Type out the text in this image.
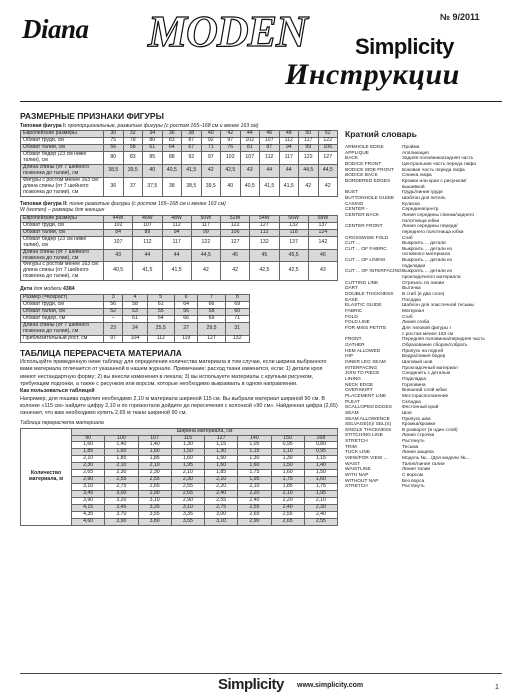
Diana MODEN	№ 9/2011
Simplicity
Инструкции
РАЗМЕРНЫЕ ПРИЗНАКИ ФИГУРЫ
Типовая фигура I: пропорциональные, развитые фигуры (с ростом 165–168 см и менее 163 см)
Европейские размеры	30	32	34	36	38	40	42	44	46	48	50	52
Обхват груди, см	75	78	80	83	87	92	97	102	107	112	117	122
Обхват талии, см	56	58	61	64	67	71	76	81	87	94	99	106
Обхват бедер (23 см ниже талии), см	80	83	85	88	92	97	102	107	112	117	122	127
Длина спины (от 7 шейного позвонка до талии), см	38,5	39,5	40	40,5	41,5	42	42,5	43	44	44	44,5	44,5
Фигуры с ростом менее 163 см: длина спины (от 7 шейного позвонка до талии), см	36	37	37,5	38	38,5	39,5	40	40,5	41,5	41,5	42	42
Типовая фигура II: полне развитые фигуры (с ростом 165–168 см и менее 163 см)
W (women) – размеры для женщин
Европейские размеры	44W	46W	48W	50W	52W	54W	56W	58W
Обхват груди, см	102	107	112	117	122	127	132	137
Обхват талии, см	84	89	94	99	106	112	118	124
Обхват бедер (23 см ниже талии), см	107	112	117	122	127	132	137	142
Длина спины (от 7 шейного позвонка до талии), см	43	44	44	44,5	45	45	45,5	46
Фигуры с ростом менее 163 см: длина спины (от 7 шейного позвонка до талии), см	40,5	41,5	41,5	42	42	42,5	42,5	43
Дети для модели 4384
Размер (=возраст)	3	4	5	6	7	8
Обхват груди, см	56	58	61	64	66	69
Обхват талии, см	52	53	55	56	58	60
Обхват бедер, см	–	61	64	66	69	71
Длина спины (от 7 шейного позвонка до талии), см	23	24	25,5	27	29,5	31
Приблизительный рост, см	97	104	112	119	127	132
ТАБЛИЦА ПЕРЕРАСЧЕТА МАТЕРИАЛА
Используйте приведенную ниже таблицу для определения количества материала в том случае, если ширина выбранного вами материала отличается от указанной в нашем журнале. Примечание: расход ткани изменится, если: 1) детали кроя имеют нестандартную форму; 2) вы внесли изменения в лекала; 3) вы используете материалы с крупным рисунком, требующим подгонки, а также с рисунком или ворсом, которые необходимо выкраивать в одном направлении.
Как пользоваться таблицей
Например, для пошива изделия необходимо 2,10 м материала шириной 115 см. Вы выбрали материал шириной 90 см. В колонке «115 см» найдите цифру 2,10 и по горизонтали дойдите до пересечения с колонкой «90 см». Найденная цифра (2,65) означает, что вам необходимо купить 2,65 м ткани шириной 90 см.
Таблица перерасчета материала
Количество материала, м	Ширина материала, см							
	90	100	107	115	127	140	150	168
	1,60	1,40	1,40	1,30	1,15	1,05	0,95	0,80
	1,85	1,60	1,60	1,50	1,30	1,15	1,10	0,95
	2,10	1,85	1,85	1,60	1,50	1,30	1,30	1,15
	2,30	2,10	2,10	1,95	1,60	1,60	1,50	1,40
	2,65	2,30	2,30	2,10	1,85	1,75	1,60	1,50
	2,90	2,55	2,55	2,30	2,10	1,95	1,75	1,60
	3,10	2,75	2,65	2,55	2,20	2,10	1,85	1,75
	3,45	3,00	2,90	2,65	2,40	2,20	2,10	1,95
	3,90	3,20	3,10	2,90	2,55	2,40	2,20	2,10
	4,15	3,45	3,35	3,10	2,75	2,55	2,40	2,30
	4,35	3,70	3,55	3,35	3,00	2,65	2,55	2,40
	4,60	3,90	3,80	3,55	3,10	2,90	2,65	2,55
Краткий словарь
ARMHOLE EDGE	Пройма
APPLIQUE	Аппликация
BACK	Задняя половинка/задняя часть
BODICE FRONT	Центральная часть переда лифа
BODICE SIDE FRONT	Боковая часть переда лифа
BODICE BACK	Спинка лифа
BORDERED EDGES	Кромки или края с рисунком/
вышивкой
BUST	Грудь/линия груди
BUTTONHOLE GUIDE	Шаблон для петель
CASING	Кулиска
CENTER -	Середина/центр
CENTER BACK	Линия середины спинки/заднего
полотнища юбки
CENTER FRONT	Линия середины переда/
переднего полотнища юбки
CROSSWISE FOLD	Сгиб
CUT ...	Выкроить ... детали
CUT ... OF FABRIC	Выкроить ... детали из
основного материала
CUT ... OF LINING	Выкроить ... детали из
подкладки
CUT ... OF INTERFACING Выкроить ... детали из
прокладочного материала
CUTTING LINE	Отрезать по линии
DART	Вытачка
DOUBLE THICKNESS	В сгиб (в два слоя)
EASE	Посадка
ELASTIC GUIDE	Шаблон для эластичной тесьмы
FABRIC	Материал
FOLD	Сгиб
FOLD LINE	Линия сгиба
FOR MISS PETITE	Для типовой фигуры I
с ростом менее 163 см
FRONT	Передняя половинка/передняя часть
GATHER	Образование сборок/собрать
HEM ALLOWED	Припуск на подгиб
HIP	Бедра/линия бедер
INNER LEG SEAM	Шаговый шов
INTERFACING	Прокладочный материал
JOIN TO PIECE	Соединить с деталью
LINING	Подкладка
NECK EDGE	Горловина
OVERSKIRT	Внешний слой юбки
PLACEMENT LINE	Месторасположение
PLEAT	Складка
SCALLOPED EDGES	Фестонный край
SEAM	Шов
SEAM ALLOWENCE	Припуск шва
SELVAGE(S)/ SEL(S)	Кромка/кромки
SINGLE THICKNESS	В разворот (в один слой)
STITCHING LINE	Линия строчки
STRETCH	Растянуть
TRIM	Тесьма
TUCK LINE	Линия защипа
VIEW/FOR VIEW ...	Модель №... /Для модели №...
WAIST	Талия/линия талии
WAISTLINE	Линия талии
WITH NAP	С ворсом
WITHOUT NAP	Без ворса
STRETCH	Растянуть
Simplicity www.simplicity.com	1
